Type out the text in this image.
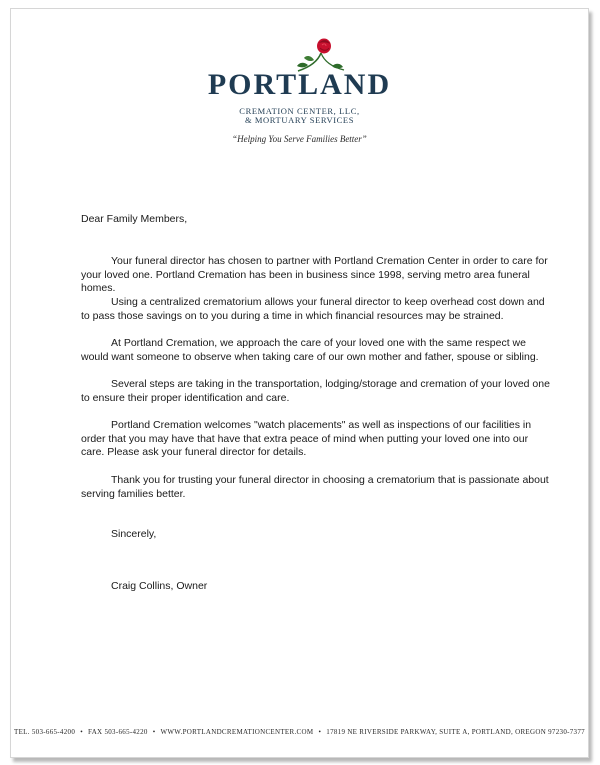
PORTLAND
CREMATION CENTER, LLC,
& MORTUARY SERVICES
“Helping You Serve Families Better”

Dear Family Members,

Your funeral director has chosen to partner with Portland Cremation Center in order to care for your loved one. Portland Cremation has been in business since 1998, serving metro area funeral homes.

Using a centralized crematorium allows your funeral director to keep overhead cost down and to pass those savings on to you during a time in which financial resources may be strained.

At Portland Cremation, we approach the care of your loved one with the same respect we would want someone to observe when taking care of our own mother and father, spouse or sibling.

Several steps are taking in the transportation, lodging/storage and cremation of your loved one to ensure their proper identification and care.

Portland Cremation welcomes "watch placements" as well as inspections of our facilities in order that you may have that have that extra peace of mind when putting your loved one into our care. Please ask your funeral director for details.

Thank you for trusting your funeral director in choosing a crematorium that is passionate about serving families better.

Sincerely,

Craig Collins, Owner

TEL. 503-665-4200 • FAX 503-665-4220 • WWW.PORTLANDCREMATIONCENTER.COM • 17819 NE RIVERSIDE PARKWAY, SUITE A, PORTLAND, OREGON 97230-7377
